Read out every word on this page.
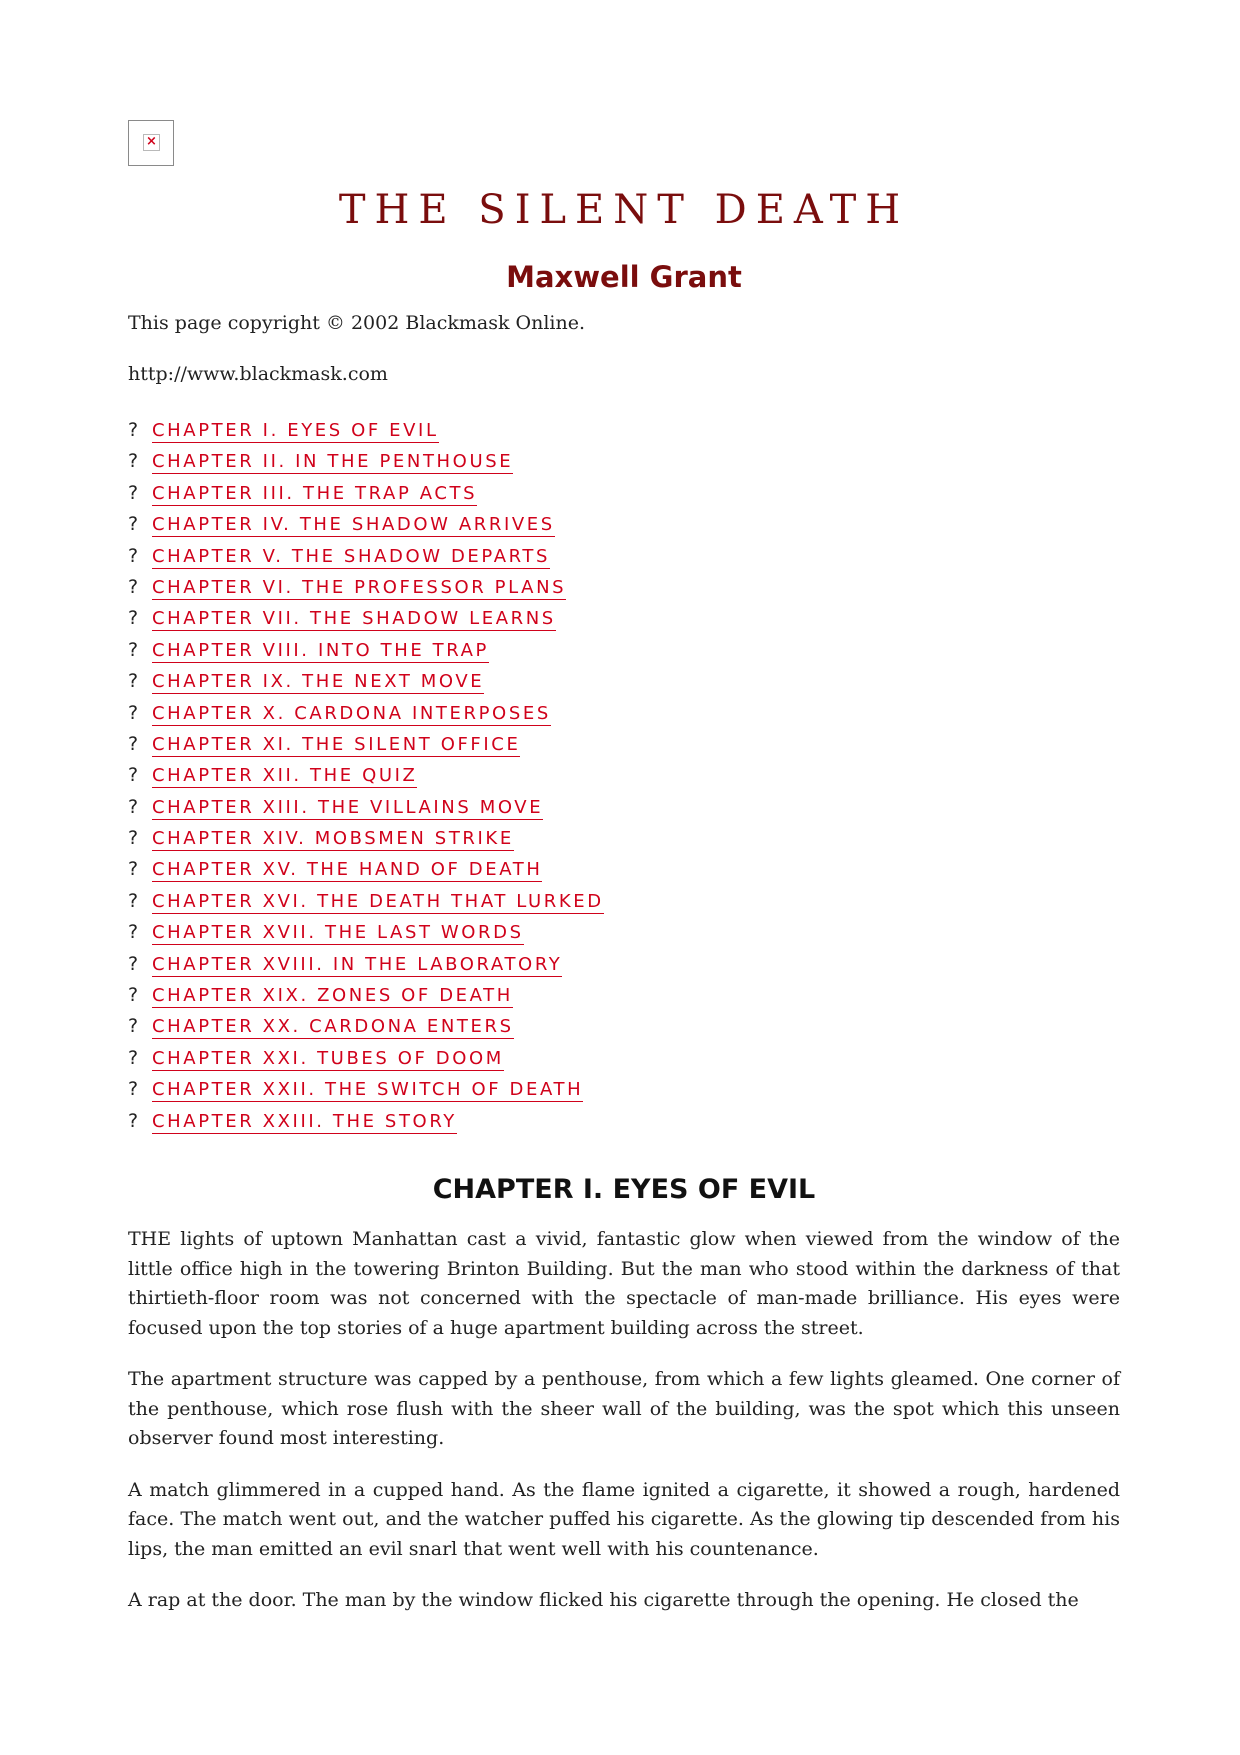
×
THE SILENT DEATH
Maxwell Grant
This page copyright © 2002 Blackmask Online.
http://www.blackmask.com
? CHAPTER I. EYES OF EVIL
? CHAPTER II. IN THE PENTHOUSE
? CHAPTER III. THE TRAP ACTS
? CHAPTER IV. THE SHADOW ARRIVES
? CHAPTER V. THE SHADOW DEPARTS
? CHAPTER VI. THE PROFESSOR PLANS
? CHAPTER VII. THE SHADOW LEARNS
? CHAPTER VIII. INTO THE TRAP
? CHAPTER IX. THE NEXT MOVE
? CHAPTER X. CARDONA INTERPOSES
? CHAPTER XI. THE SILENT OFFICE
? CHAPTER XII. THE QUIZ
? CHAPTER XIII. THE VILLAINS MOVE
? CHAPTER XIV. MOBSMEN STRIKE
? CHAPTER XV. THE HAND OF DEATH
? CHAPTER XVI. THE DEATH THAT LURKED
? CHAPTER XVII. THE LAST WORDS
? CHAPTER XVIII. IN THE LABORATORY
? CHAPTER XIX. ZONES OF DEATH
? CHAPTER XX. CARDONA ENTERS
? CHAPTER XXI. TUBES OF DOOM
? CHAPTER XXII. THE SWITCH OF DEATH
? CHAPTER XXIII. THE STORY
CHAPTER I. EYES OF EVIL

THE lights of uptown Manhattan cast a vivid, fantastic glow when viewed from the window of the little office high in the towering Brinton Building. But the man who stood within the darkness of that thirtieth-floor room was not concerned with the spectacle of man-made brilliance. His eyes were focused upon the top stories of a huge apartment building across the street.

The apartment structure was capped by a penthouse, from which a few lights gleamed. One corner of the penthouse, which rose flush with the sheer wall of the building, was the spot which this unseen observer found most interesting.

A match glimmered in a cupped hand. As the flame ignited a cigarette, it showed a rough, hardened face. The match went out, and the watcher puffed his cigarette. As the glowing tip descended from his lips, the man emitted an evil snarl that went well with his countenance.

A rap at the door. The man by the window flicked his cigarette through the opening. He closed the
